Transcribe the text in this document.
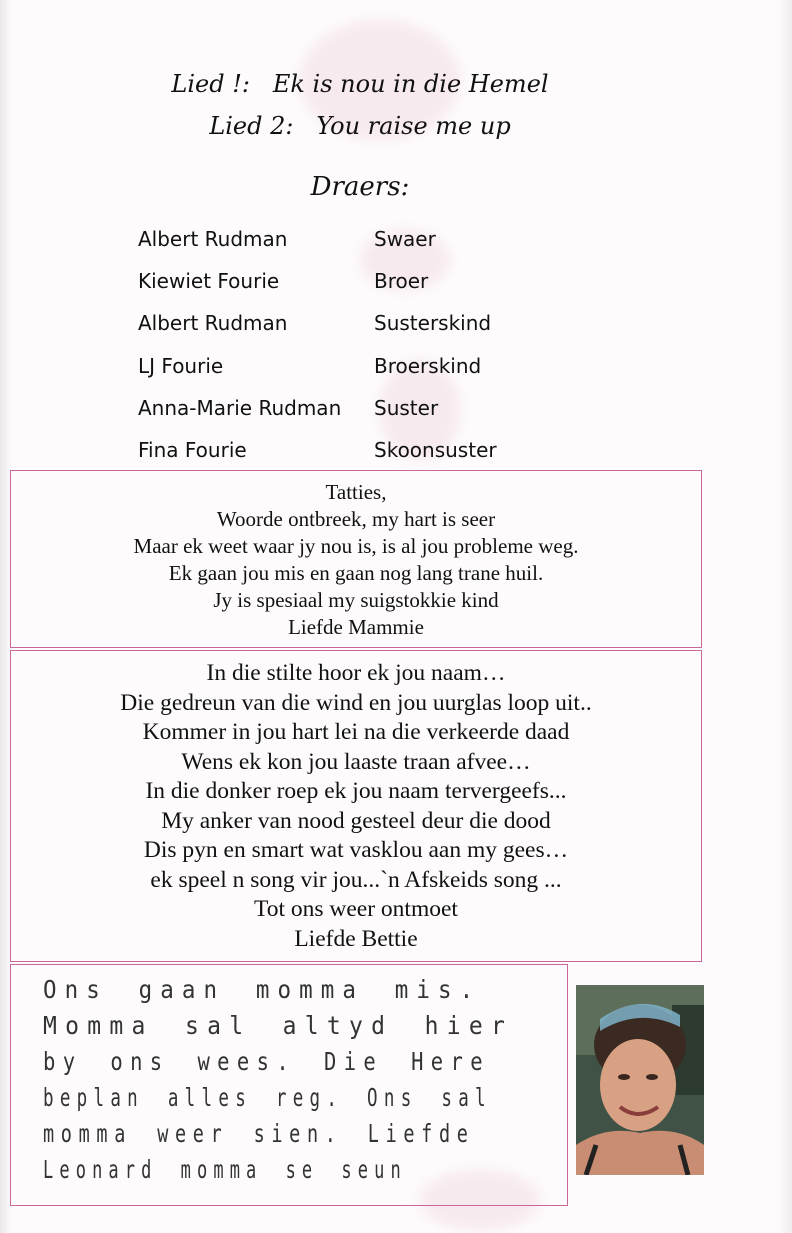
Lied !: Ek is nou in die Hemel
Lied 2: You raise me up
Draers:
Albert Rudman	Swaer
Kiewiet Fourie	Broer
Albert Rudman	Susterskind
LJ Fourie	Broerskind
Anna-Marie Rudman	Suster
Fina Fourie	Skoonsuster
Tatties,
Woorde ontbreek, my hart is seer
Maar ek weet waar jy nou is, is al jou probleme weg.
Ek gaan jou mis en gaan nog lang trane huil.
Jy is spesiaal my suigstokkie kind
Liefde Mammie
In die stilte hoor ek jou naam…
Die gedreun van die wind en jou uurglas loop uit..
Kommer in jou hart lei na die verkeerde daad
Wens ek kon jou laaste traan afvee…
In die donker roep ek jou naam tervergeefs...
My anker van nood gesteel deur die dood
Dis pyn en smart wat vasklou aan my gees…
ek speel n song vir jou...`n Afskeids song ...
Tot ons weer ontmoet
Liefde Bettie
Ons gaan momma mis.
Momma sal altyd hier
by ons wees. Die Here
beplan alles reg. Ons sal
momma weer sien. Liefde
Leonard momma se seun
